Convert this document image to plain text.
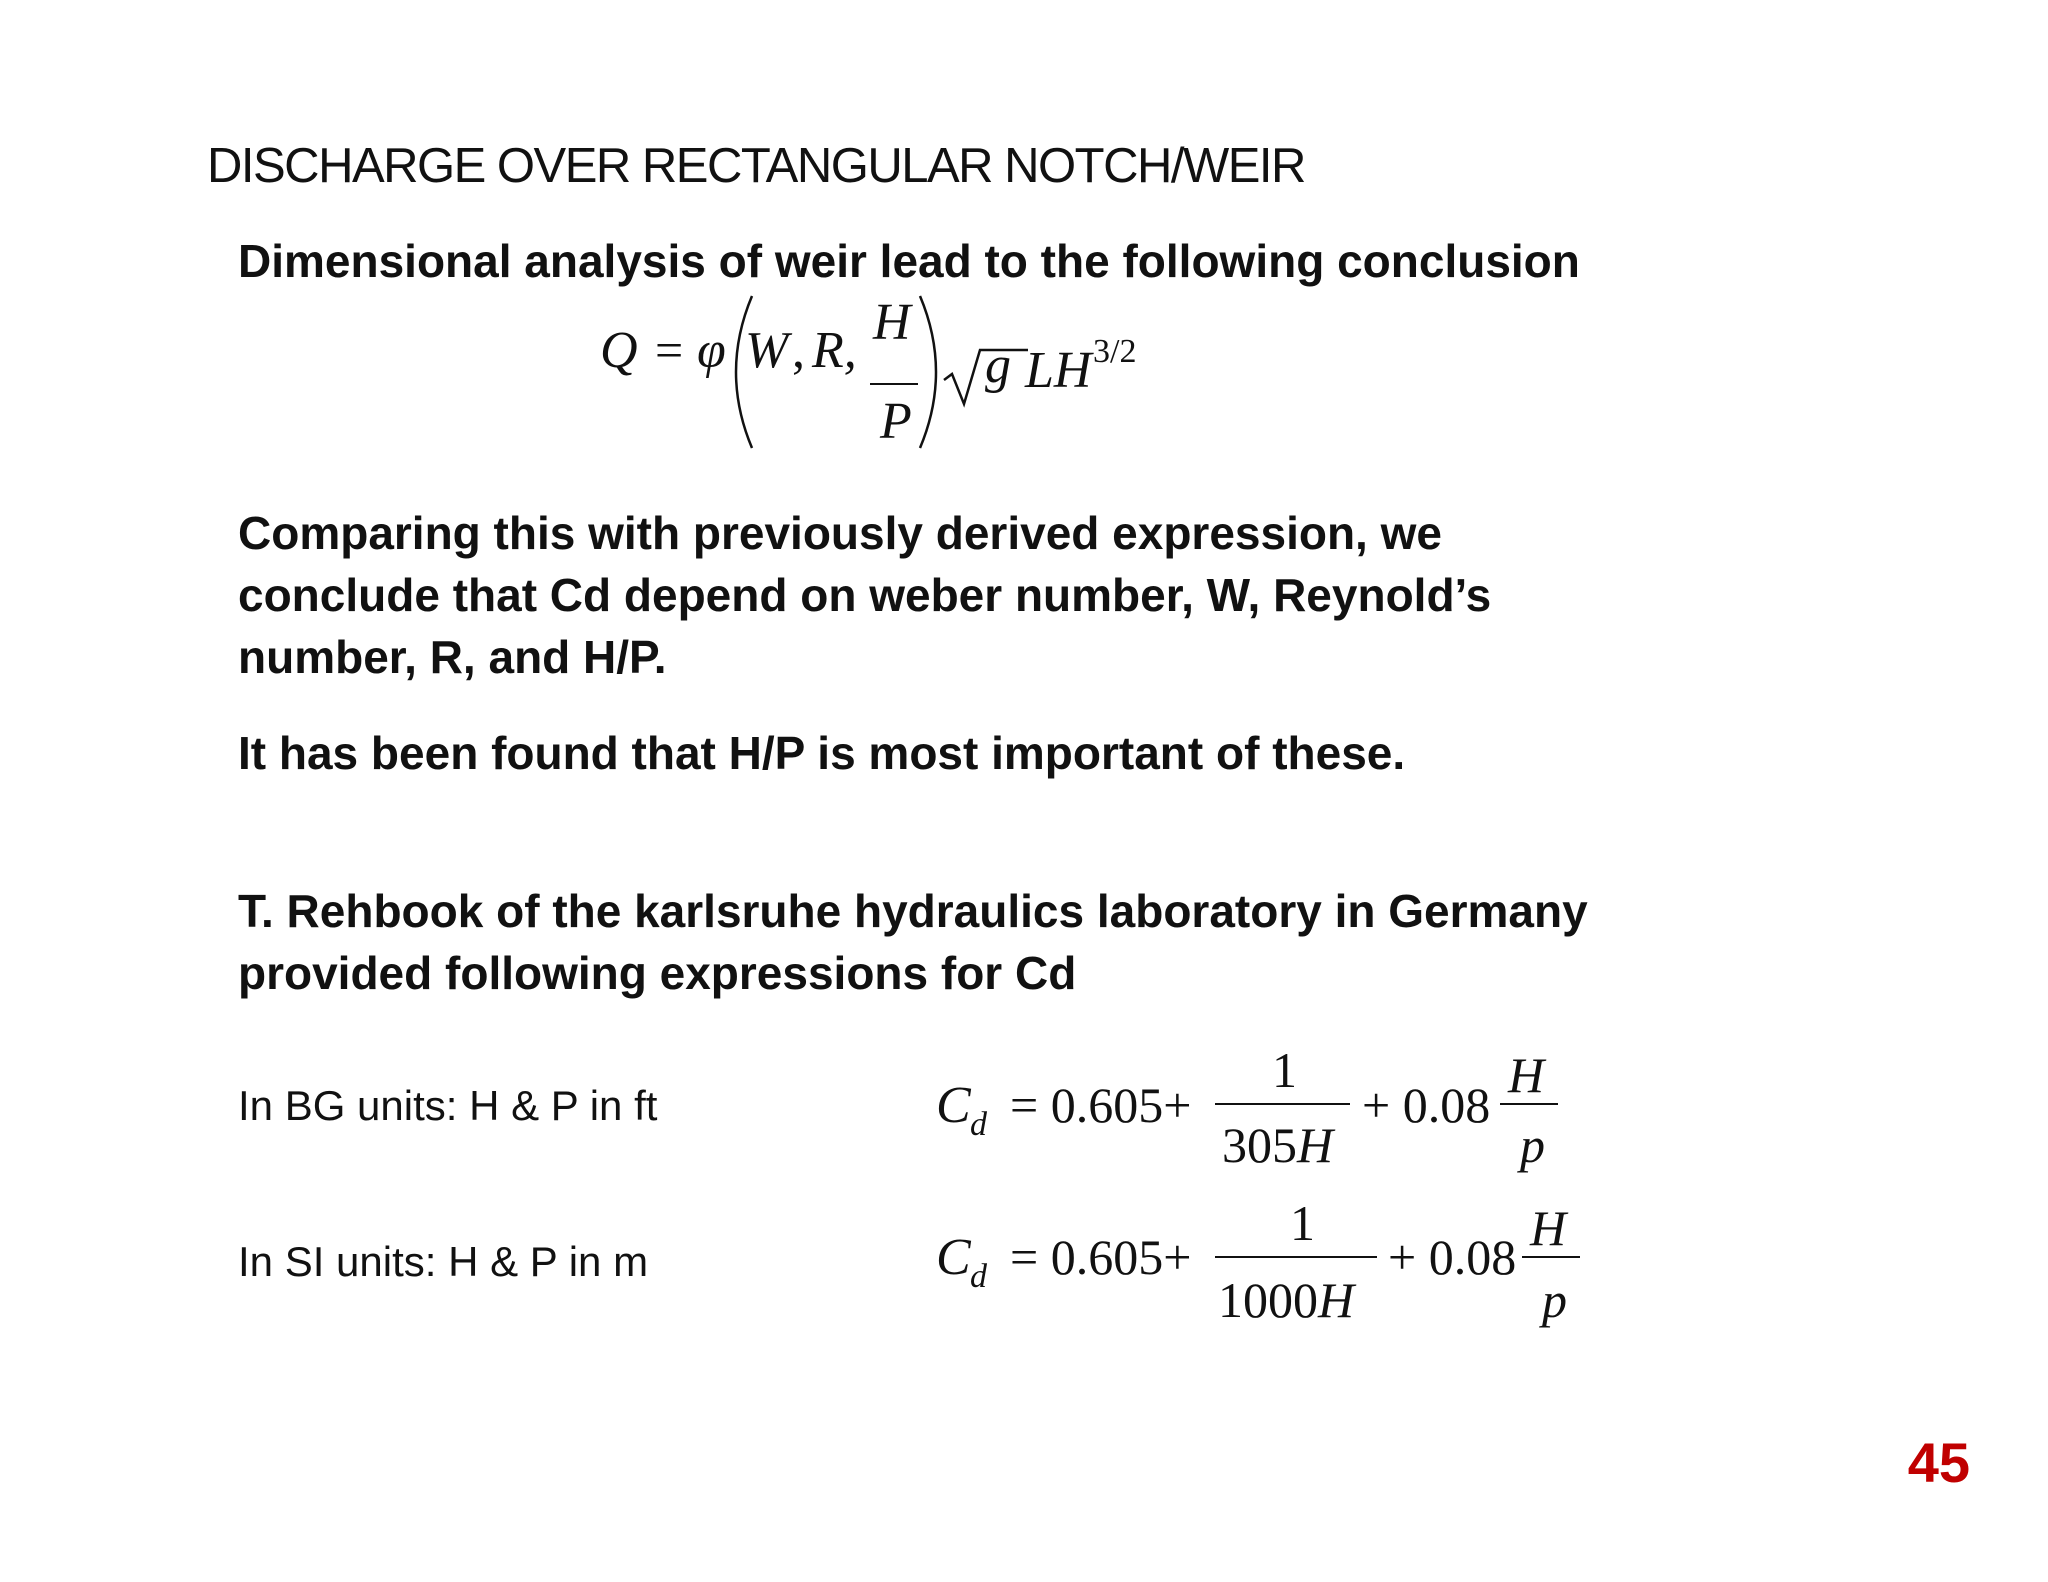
DISCHARGE OVER RECTANGULAR NOTCH/WEIR
Dimensional analysis of weir lead to the following conclusion
Q = φ W , R, H
P
g LH 3/2
Comparing this with previously derived expression, we
conclude that Cd depend on weber number, W, Reynold’s
number, R, and H/P.
It has been found that H/P is most important of these.
T. Rehbook of the karlsruhe hydraulics laboratory in Germany
provided following expressions for Cd
In BG units: H & P in ft
In SI units: H & P in m
C d = 0.605+
1
305H
+ 0.08
H
p
C d = 0.605+
1
1000H
+ 0.08
H
p
45
